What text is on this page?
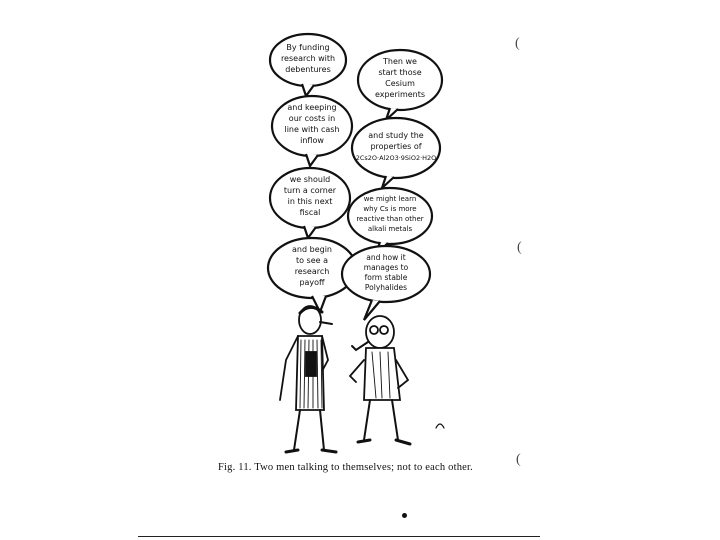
By funding
research with
debentures
and keeping
our costs in
line with cash
inflow
we should
turn a corner
in this next
fiscal
and begin
to see a
research
payoff
Then we
start those
Cesium
experiments
and study the
properties of
2Cs2O·Al2O3·9SiO2·H2O
we might learn
why Cs is more
reactive than other
alkali metals
and how it
manages to
form stable
Polyhalides
Fig. 11. Two men talking to themselves; not to each other.
(
(
(
